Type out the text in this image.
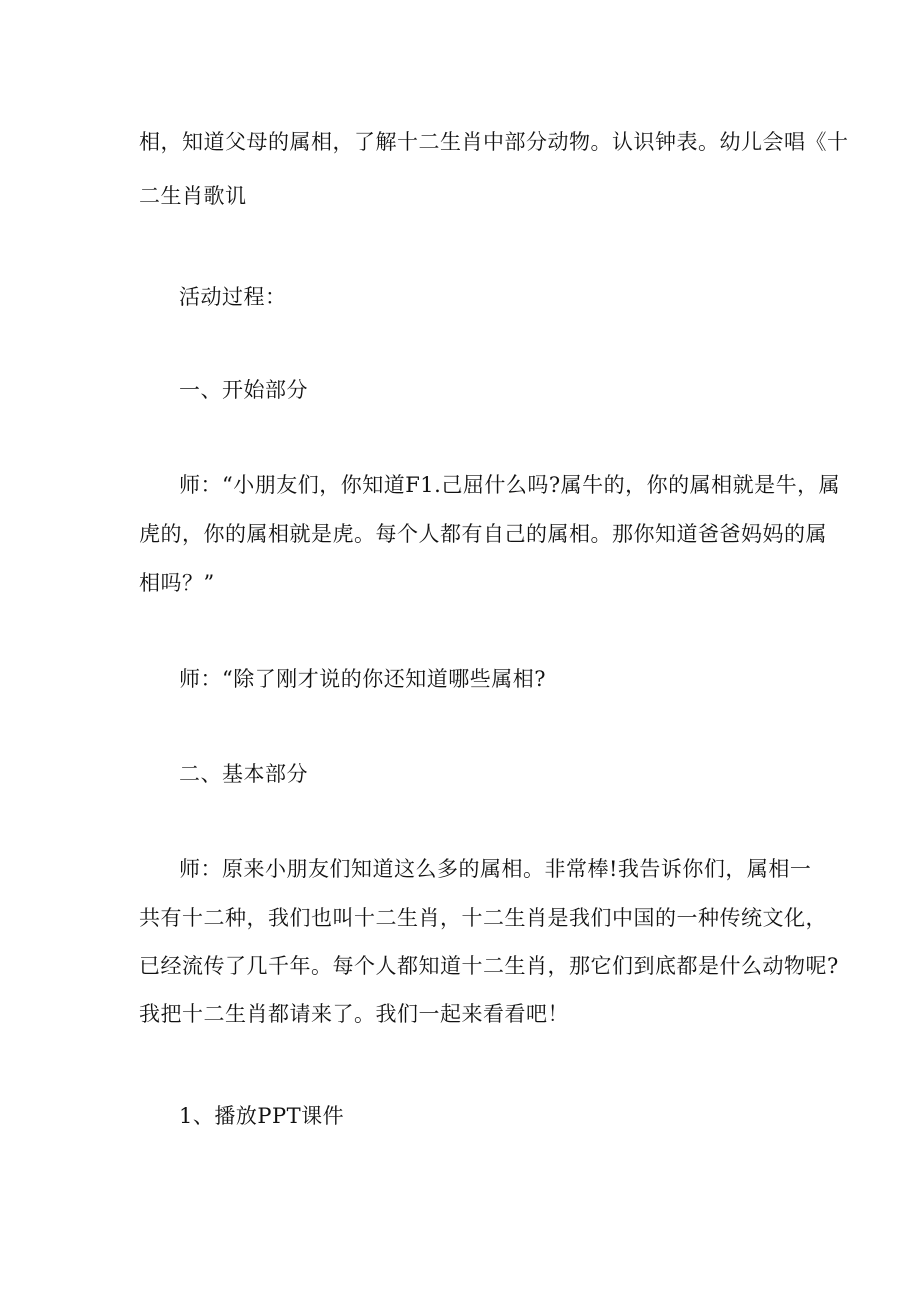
相，知道父母的属相，了解十二生肖中部分动物。认识钟表。幼儿会唱《十
二生肖歌讥
活动过程：
一、开始部分
师：“小朋友们，你知道F1.己屈什么吗?属牛的，你的属相就是牛，属
虎的，你的属相就是虎。每个人都有自己的属相。那你知道爸爸妈妈的属
相吗？”
师：“除了刚才说的你还知道哪些属相?
二、基本部分
师：原来小朋友们知道这么多的属相。非常棒!我告诉你们，属相一
共有十二种，我们也叫十二生肖，十二生肖是我们中国的一种传统文化，
已经流传了几千年。每个人都知道十二生肖，那它们到底都是什么动物呢?
我把十二生肖都请来了。我们一起来看看吧！
1、播放PPT课件
